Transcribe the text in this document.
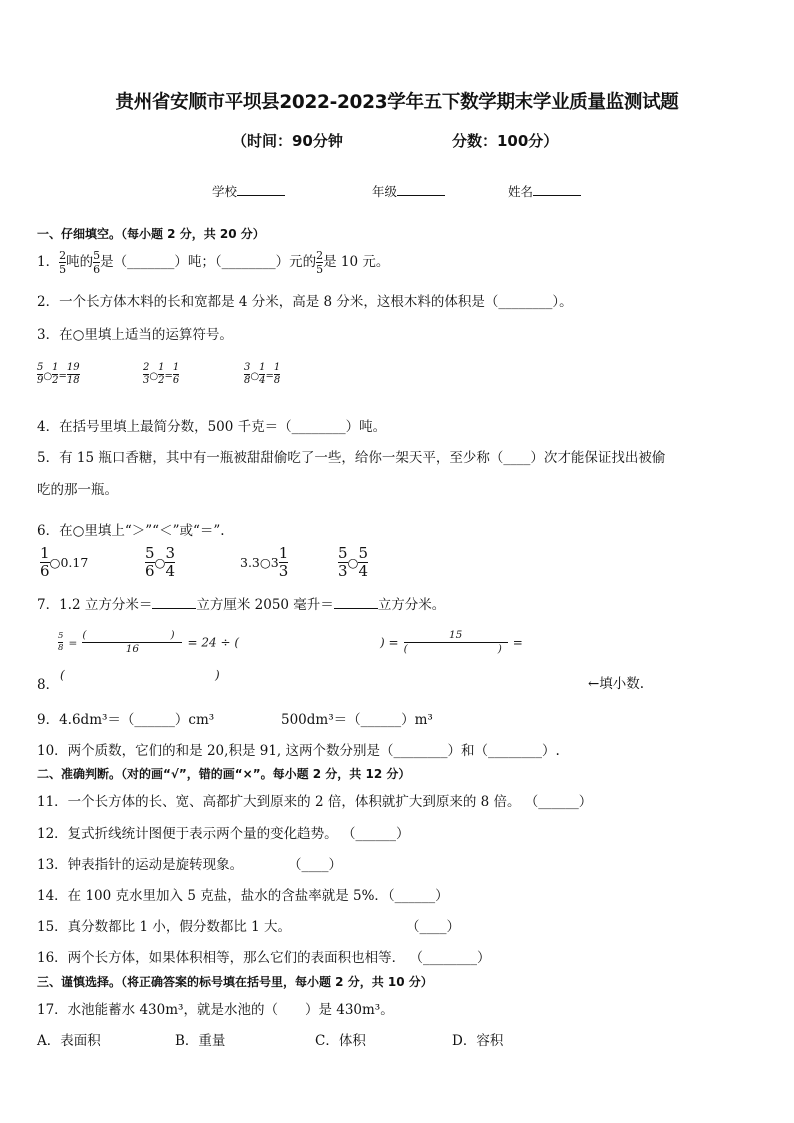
贵州省安顺市平坝县2022-2023学年五下数学期末学业质量监测试题
（时间：90分钟	分数：100分）
学校	年级	姓名
一、仔细填空。（每小题 2 分，共 20 分）
1． $\frac{2}{5}$ 吨的 $\frac{5}{6}$ 是（_______）吨；（________）元的 $\frac{2}{5}$ 是 10 元。
2．一个长方体木料的长和宽都是 4 分米，高是 8 分米，这根木料的体积是（________）。
3．在○里填上适当的运算符号。
$\frac{5}{9}$ ○ $\frac{1}{2} = \frac{19}{18}$	$\frac{2}{3}$ ○ $\frac{1}{2} = \frac{1}{6}$	$\frac{3}{8}$ ○ $\frac{1}{4} = \frac{1}{8}$
4．在括号里填上最简分数，500 千克＝（________）吨。
5．有 15 瓶口香糖，其中有一瓶被甜甜偷吃了一些，给你一架天平，至少称（____）次才能保证找出被偷
吃的那一瓶。
6．在○里填上“＞”“＜”或“＝”.
$\frac{1}{6}$ ○0.17	$\frac{5}{6}$ ○ $\frac{3}{4}$	3.3○3 $\frac{1}{3}$	$\frac{5}{3}$ ○ $\frac{5}{4}$
7．1.2 立方分米＝	立方厘米 2050 毫升＝	立方分米。
$\frac{5}{8}$ = (	)
16 = 24 ÷ (	) = 15
(	) =
8．
(	)
←填小数.
9．4.6dm³＝（______）cm³	500dm³＝（______）m³
10．两个质数，它们的和是 20,积是 91, 这两个数分别是（________）和（________）.
二、准确判断。（对的画“√”，错的画“×”。每小题 2 分，共 12 分）
11．一个长方体的长、宽、高都扩大到原来的 2 倍，体积就扩大到原来的 8 倍。 （______）
12．复式折线统计图便于表示两个量的变化趋势。 （______）
13．钟表指针的运动是旋转现象。	（____）
14．在 100 克水里加入 5 克盐，盐水的含盐率就是 5%．（______）
15．真分数都比 1 小，假分数都比 1 大。	（____）
16．两个长方体，如果体积相等，那么它们的表面积也相等． （________）
三、谨慎选择。（将正确答案的标号填在括号里，每小题 2 分，共 10 分）
17．水池能蓄水 430m³，就是水池的（　　）是 430m³。
A．表面积	B．重量	C．体积	D．容积
